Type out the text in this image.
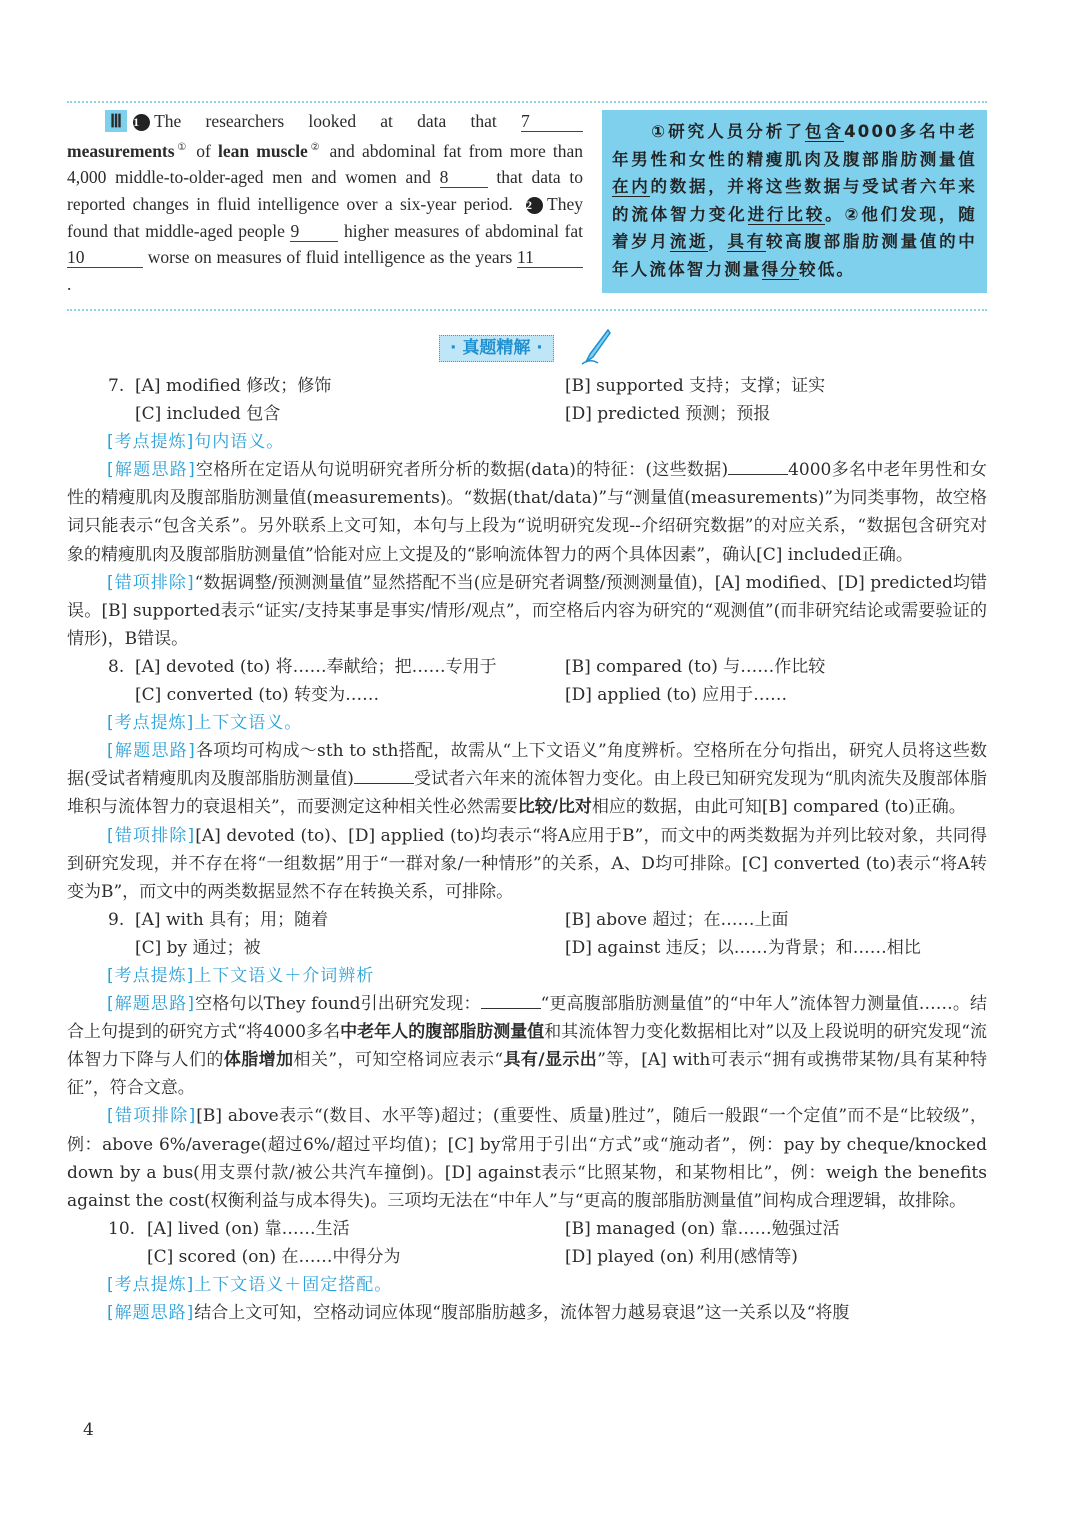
Ⅲ 1 The researchers looked at data that 7 measurements① of lean muscle② and abdominal fat from more than 4,000 middle-to-older-aged men and women and 8 that data to reported changes in fluid intelligence over a six-year period. 2 They found that middle-aged people 9 higher measures of abdominal fat 10	worse on measures of fluid intelligence as the years 11.
　　①研究人员分析了包含4000多名中老年男性和女性的精瘦肌肉及腹部脂肪测量值在内的数据，并将这些数据与受试者六年来的流体智力变化进行比较。②他们发现，随着岁月流逝，具有较高腹部脂肪测量值的中年人流体智力测量得分较低。
· 真题精解 ·
7. [A] modified 修改；修饰	[B] supported 支持；支撑；证实
[C] included 包含	[D] predicted 预测；预报
[考点提炼]句内语义。
[解题思路]空格所在定语从句说明研究者所分析的数据(data)的特征：(这些数据)	4000多名中老年男性和女性的精瘦肌肉及腹部脂肪测量值(measurements)。“数据(that/data)”与“测量值(measurements)”为同类事物，故空格词只能表示“包含关系”。另外联系上文可知，本句与上段为“说明研究发现--介绍研究数据”的对应关系，“数据包含研究对象的精瘦肌肉及腹部脂肪测量值”恰能对应上文提及的“影响流体智力的两个具体因素”，确认[C] included正确。
[错项排除]“数据调整/预测测量值”显然搭配不当(应是研究者调整/预测测量值)，[A] modified、[D] predicted均错误。[B] supported表示“证实/支持某事是事实/情形/观点”，而空格后内容为研究的“观测值”(而非研究结论或需要验证的情形)，B错误。
8. [A] devoted (to) 将……奉献给；把……专用于	[B] compared (to) 与……作比较
[C] converted (to) 转变为……	[D] applied (to) 应用于……
[考点提炼]上下文语义。
[解题思路]各项均可构成～sth to sth搭配，故需从“上下文语义”角度辨析。空格所在分句指出，研究人员将这些数据(受试者精瘦肌肉及腹部脂肪测量值)	受试者六年来的流体智力变化。由上段已知研究发现为“肌肉流失及腹部体脂堆积与流体智力的衰退相关”，而要测定这种相关性必然需要比较/比对相应的数据，由此可知[B] compared (to)正确。
[错项排除][A] devoted (to)、[D] applied (to)均表示“将A应用于B”，而文中的两类数据为并列比较对象，共同得到研究发现，并不存在将“一组数据”用于“一群对象/一种情形”的关系，A、D均可排除。[C] converted (to)表示“将A转变为B”，而文中的两类数据显然不存在转换关系，可排除。
9. [A] with 具有；用；随着	[B] above 超过；在……上面
[C] by 通过；被	[D] against 违反；以……为背景；和……相比
[考点提炼]上下文语义＋介词辨析
[解题思路]空格句以They found引出研究发现：	“更高腹部脂肪测量值”的“中年人”流体智力测量值……。结合上句提到的研究方式“将4000多名中老年人的腹部脂肪测量值和其流体智力变化数据相比对”以及上段说明的研究发现“流体智力下降与人们的体脂增加相关”，可知空格词应表示“具有/显示出”等，[A] with可表示“拥有或携带某物/具有某种特征”，符合文意。
[错项排除][B] above表示“(数目、水平等)超过；(重要性、质量)胜过”，随后一般跟“一个定值”而不是“比较级”，例：above 6%/average(超过6%/超过平均值)；[C] by常用于引出“方式”或“施动者”，例：pay by cheque/knocked down by a bus(用支票付款/被公共汽车撞倒)。[D] against表示“比照某物，和某物相比”，例：weigh the benefits against the cost(权衡利益与成本得失)。三项均无法在“中年人”与“更高的腹部脂肪测量值”间构成合理逻辑，故排除。
10. [A] lived (on) 靠……生活	[B] managed (on) 靠……勉强过活
[C] scored (on) 在……中得分为	[D] played (on) 利用(感情等)
[考点提炼]上下文语义＋固定搭配。
[解题思路]结合上文可知，空格动词应体现“腹部脂肪越多，流体智力越易衰退”这一关系以及“将腹
4
